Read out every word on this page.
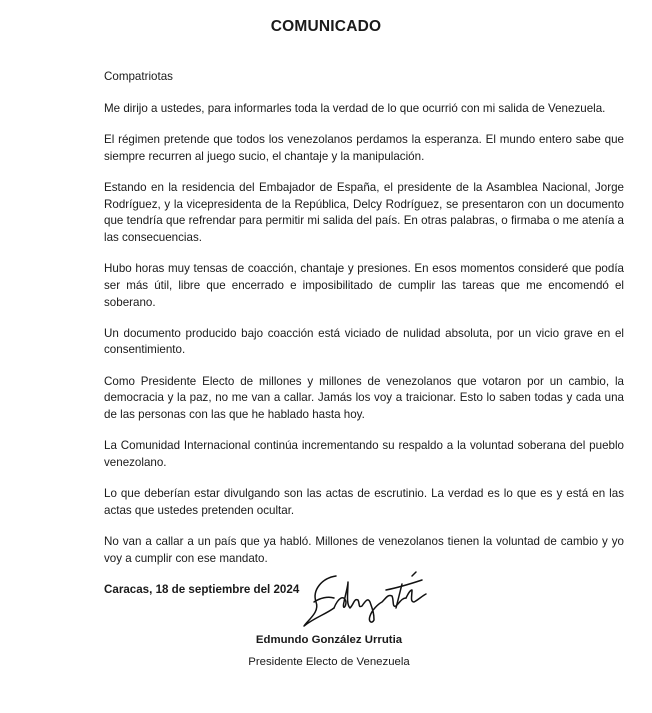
COMUNICADO

Compatriotas

Me dirijo a ustedes, para informarles toda la verdad de lo que ocurrió con mi salida de Venezuela.

El régimen pretende que todos los venezolanos perdamos la esperanza. El mundo entero sabe que siempre recurren al juego sucio, el chantaje y la manipulación.

Estando en la residencia del Embajador de España, el presidente de la Asamblea Nacional, Jorge Rodríguez, y la vicepresidenta de la República, Delcy Rodríguez, se presentaron con un documento que tendría que refrendar para permitir mi salida del país. En otras palabras, o firmaba o me atenía a las consecuencias.

Hubo horas muy tensas de coacción, chantaje y presiones. En esos momentos consideré que podía ser más útil, libre que encerrado e imposibilitado de cumplir las tareas que me encomendó el soberano.

Un documento producido bajo coacción está viciado de nulidad absoluta, por un vicio grave en el consentimiento.

Como Presidente Electo de millones y millones de venezolanos que votaron por un cambio, la democracia y la paz, no me van a callar. Jamás los voy a traicionar. Esto lo saben todas y cada una de las personas con las que he hablado hasta hoy.

La Comunidad Internacional continúa incrementando su respaldo a la voluntad soberana del pueblo venezolano.

Lo que deberían estar divulgando son las actas de escrutinio. La verdad es lo que es y está en las actas que ustedes pretenden ocultar.

No van a callar a un país que ya habló. Millones de venezolanos tienen la voluntad de cambio y yo voy a cumplir con ese mandato.

Caracas, 18 de septiembre del 2024

Edmundo González Urrutia
Presidente Electo de Venezuela
